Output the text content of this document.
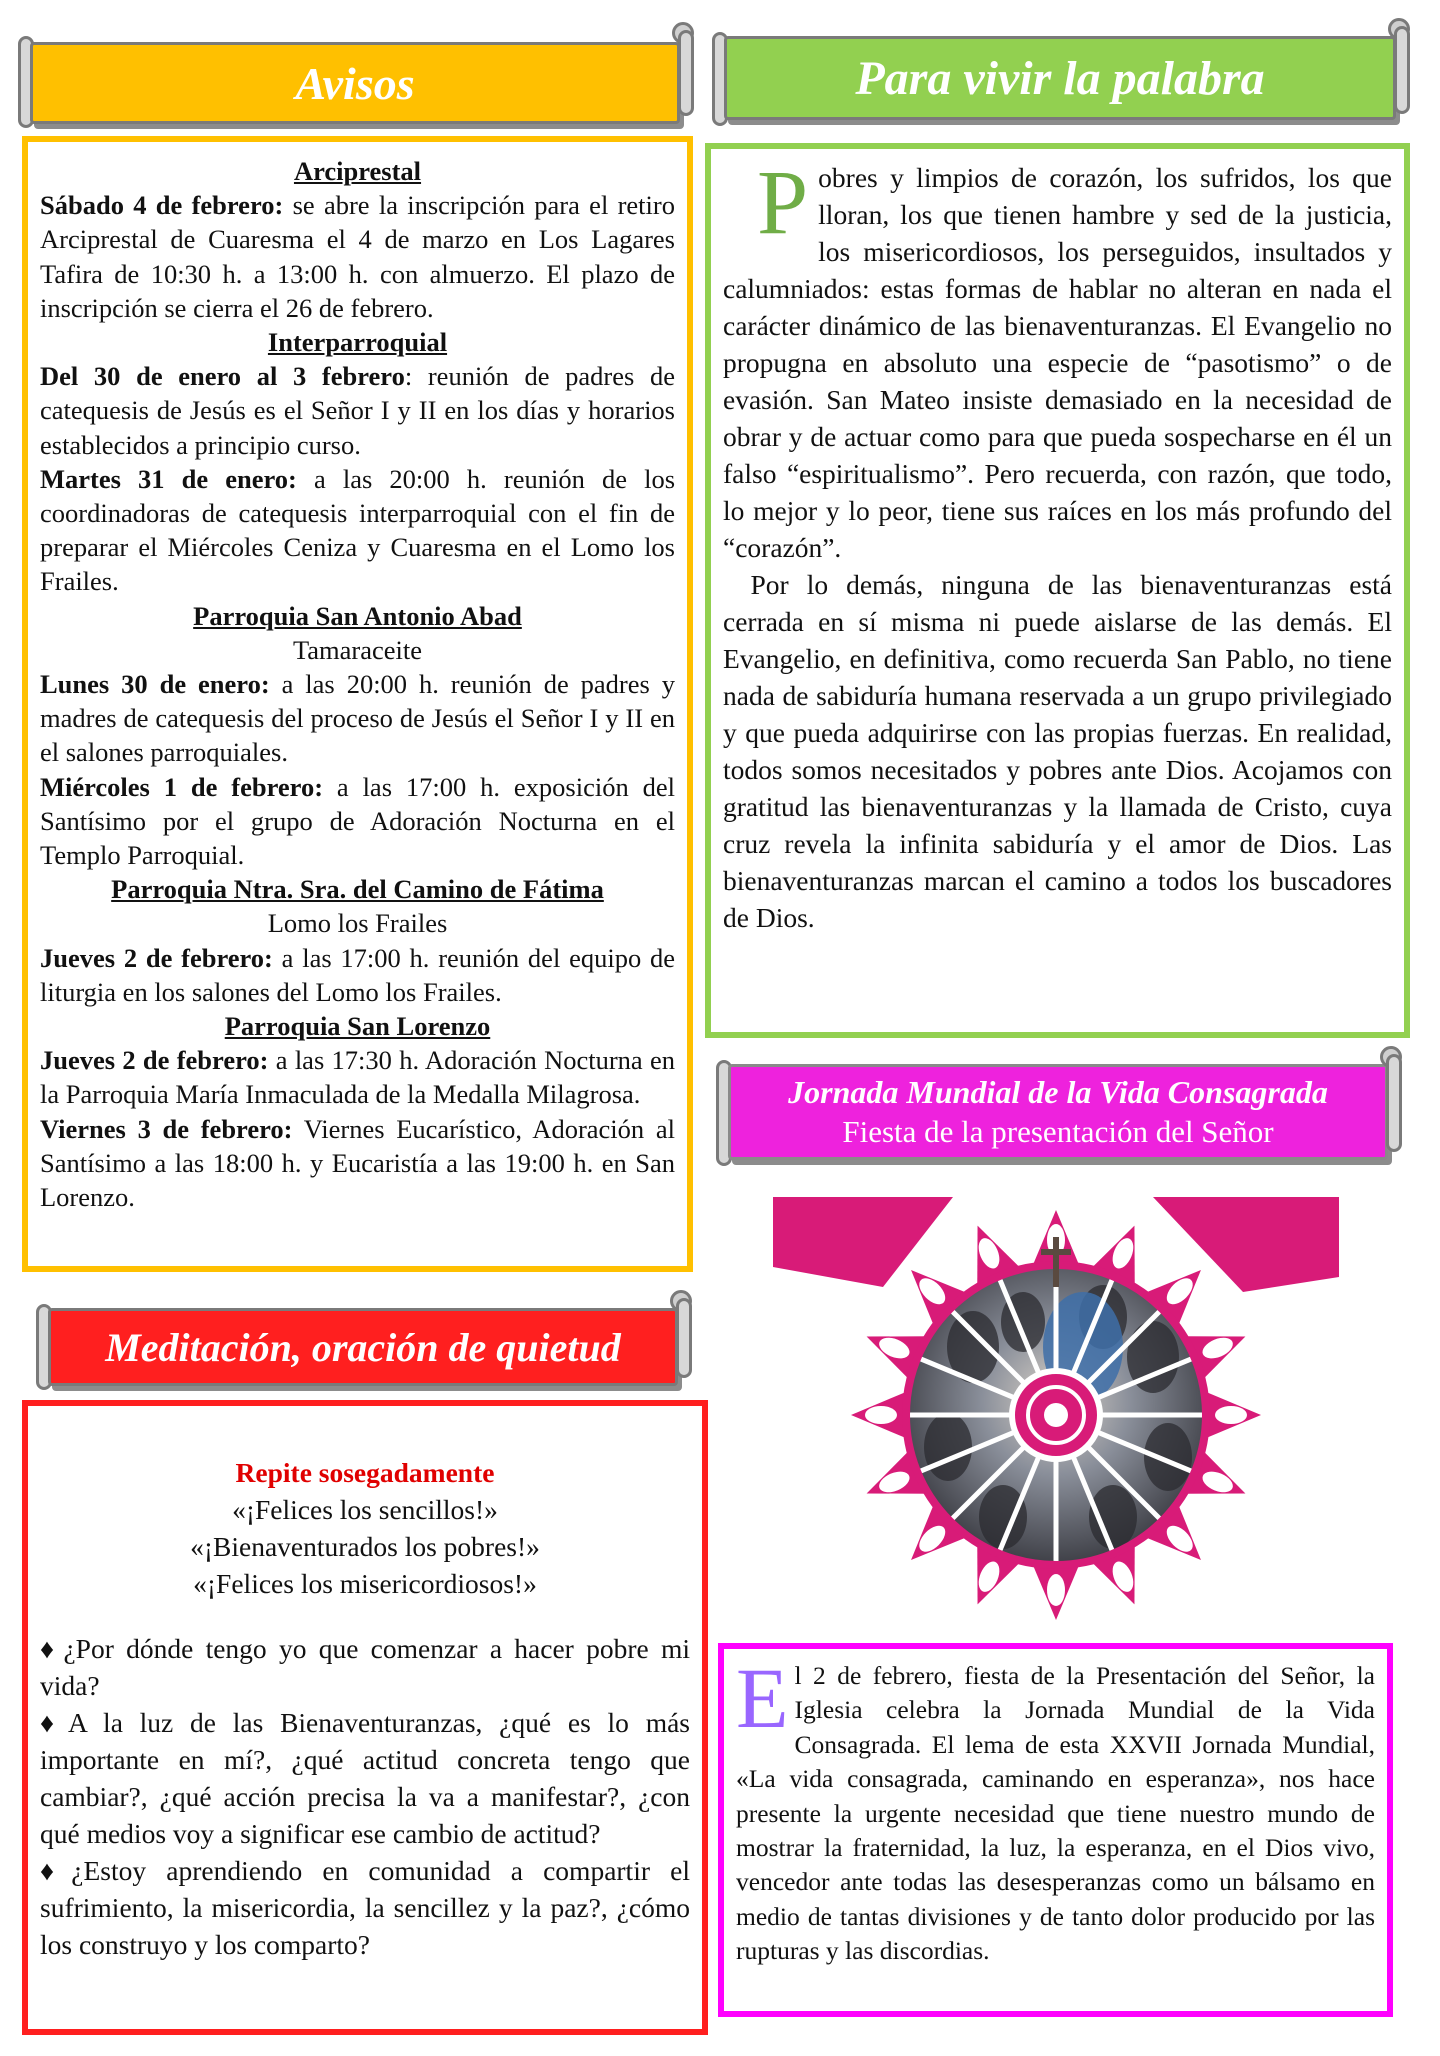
Avisos
Arciprestal

Sábado 4 de febrero: se abre la inscripción para el retiro Arciprestal de Cuaresma el 4 de marzo en Los Lagares Tafira de 10:30 h. a 13:00 h. con almuerzo. El plazo de inscripción se cierra el 26 de febrero.

Interparroquial

Del 30 de enero al 3 febrero: reunión de padres de catequesis de Jesús es el Señor I y II en los días y horarios establecidos a principio curso.

Martes 31 de enero: a las 20:00 h. reunión de los coordinadoras de catequesis interparroquial con el fin de preparar el Miércoles Ceniza y Cuaresma en el Lomo los Frailes.

Parroquia San Antonio Abad
Tamaraceite

Lunes 30 de enero: a las 20:00 h. reunión de padres y madres de catequesis del proceso de Jesús el Señor I y II en el salones parroquiales.

Miércoles 1 de febrero: a las 17:00 h. exposición del Santísimo por el grupo de Adoración Nocturna en el Templo Parroquial.

Parroquia Ntra. Sra. del Camino de Fátima
Lomo los Frailes

Jueves 2 de febrero: a las 17:00 h. reunión del equipo de liturgia en los salones del Lomo los Frailes.

Parroquia San Lorenzo

Jueves 2 de febrero: a las 17:30 h. Adoración Nocturna en la Parroquia María Inmaculada de la Medalla Milagrosa.

Viernes 3 de febrero: Viernes Eucarístico, Adoración al Santísimo a las 18:00 h. y Eucaristía a las 19:00 h. en San Lorenzo.

Para vivir la palabra

Pobres y limpios de corazón, los sufridos, los que lloran, los que tienen hambre y sed de la justicia, los misericordiosos, los perseguidos, insultados y calumniados: estas formas de hablar no alteran en nada el carácter dinámico de las bienaventuranzas. El Evangelio no propugna en absoluto una especie de “pasotismo” o de evasión. San Mateo insiste demasiado en la necesidad de obrar y de actuar como para que pueda sospecharse en él un falso “espiritualismo”. Pero recuerda, con razón, que todo, lo mejor y lo peor, tiene sus raíces en los más profundo del “corazón”.

Por lo demás, ninguna de las bienaventuranzas está cerrada en sí misma ni puede aislarse de las demás. El Evangelio, en definitiva, como recuerda San Pablo, no tiene nada de sabiduría humana reservada a un grupo privilegiado y que pueda adquirirse con las propias fuerzas. En realidad, todos somos necesitados y pobres ante Dios. Acojamos con gratitud las bienaventuranzas y la llamada de Cristo, cuya cruz revela la infinita sabiduría y el amor de Dios. Las bienaventuranzas marcan el camino a todos los buscadores de Dios.

Jornada Mundial de la Vida Consagrada
Fiesta de la presentación del Señor
Meditación, oración de quietud
Repite sosegadamente
«¡Felices los sencillos!»
«¡Bienaventurados los pobres!»
«¡Felices los misericordiosos!»

♦ ¿Por dónde tengo yo que comenzar a hacer pobre mi vida?

♦ A la luz de las Bienaventuranzas, ¿qué es lo más importante en mí?, ¿qué actitud concreta tengo que cambiar?, ¿qué acción precisa la va a manifestar?, ¿con qué medios voy a significar ese cambio de actitud?

♦ ¿Estoy aprendiendo en comunidad a compartir el sufrimiento, la misericordia, la sencillez y la paz?, ¿cómo los construyo y los comparto?

El 2 de febrero, fiesta de la Presentación del Señor, la Iglesia celebra la Jornada Mundial de la Vida Consagrada. El lema de esta XXVII Jornada Mundial, «La vida consagrada, caminando en esperanza», nos hace presente la urgente necesidad que tiene nuestro mundo de mostrar la fraternidad, la luz, la esperanza, en el Dios vivo, vencedor ante todas las desesperanzas como un bálsamo en medio de tantas divisiones y de tanto dolor producido por las rupturas y las discordias.
